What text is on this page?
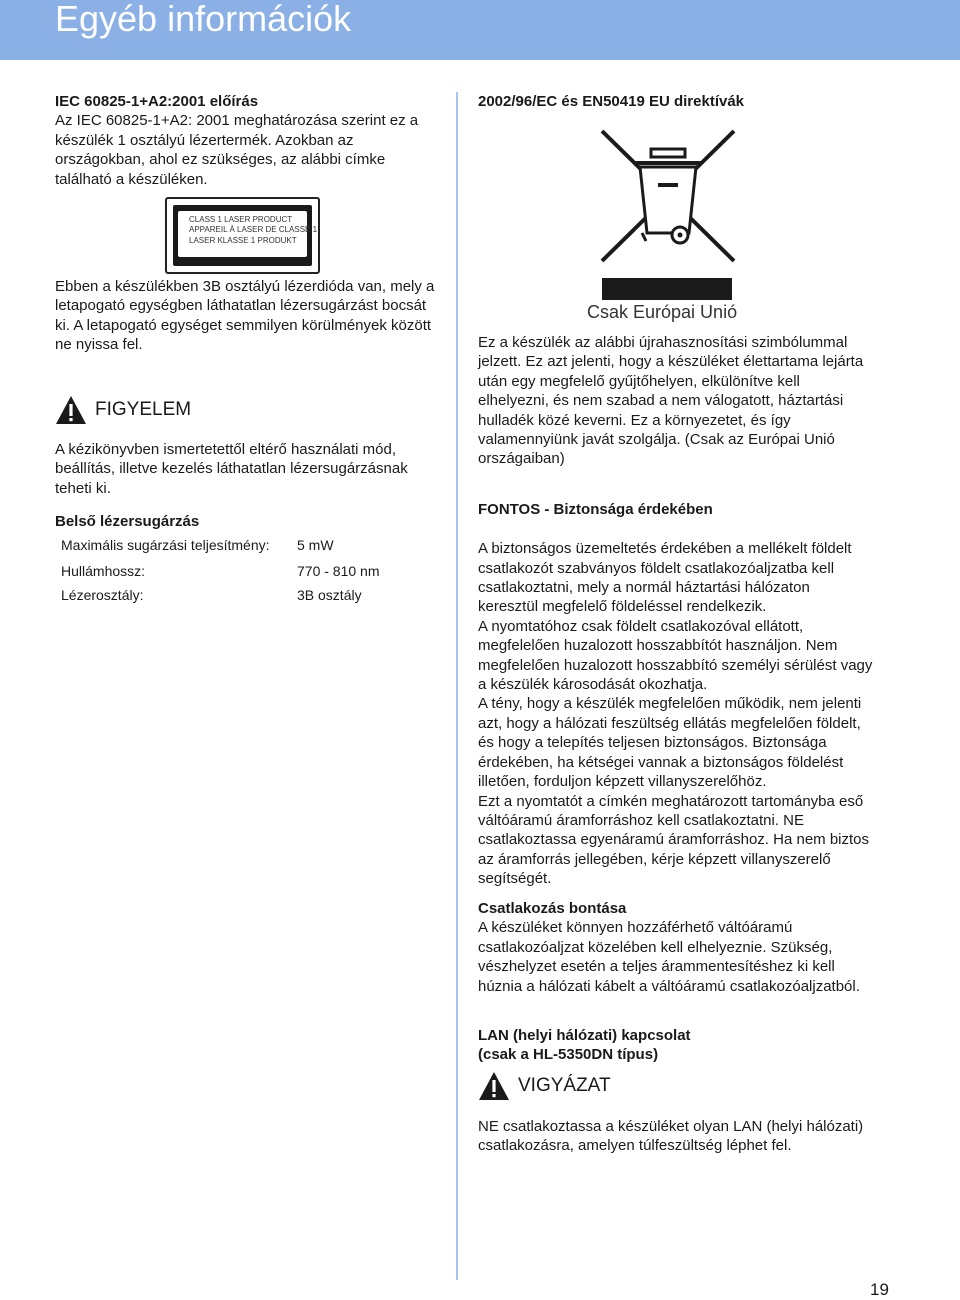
Egyéb információk

IEC 60825-1+A2:2001 előírás

Az IEC 60825-1+A2: 2001 meghatározása szerint ez a készülék 1 osztályú lézertermék. Azokban az országokban, ahol ez szükséges, az alábbi címke található a készüléken.

CLASS 1 LASER PRODUCT
APPAREIL À LASER DE CLASSE 1
LASER KLASSE 1 PRODUKT

Ebben a készülékben 3B osztályú lézerdióda van, mely a letapogató egységben láthatatlan lézersugárzást bocsát ki. A letapogató egységet semmilyen körülmények között ne nyissa fel.

FIGYELEM

A kézikönyvben ismertetettől eltérő használati mód, beállítás, illetve kezelés láthatatlan lézersugárzásnak teheti ki.

Belső lézersugárzás

Maximális sugárzási teljesítmény: 5 mW
Hullámhossz:	770 - 810 nm
Lézerosztály:	3B osztály

2002/96/EC és EN50419 EU direktívák

Csak Európai Unió

Ez a készülék az alábbi újrahasznosítási szimbólummal jelzett. Ez azt jelenti, hogy a készüléket élettartama lejárta után egy megfelelő gyűjtőhelyen, elkülönítve kell elhelyezni, és nem szabad a nem válogatott, háztartási hulladék közé keverni. Ez a környezetet, és így valamennyiünk javát szolgálja. (Csak az Európai Unió országaiban)

FONTOS - Biztonsága érdekében

A biztonságos üzemeltetés érdekében a mellékelt földelt csatlakozót szabványos földelt csatlakozóaljzatba kell csatlakoztatni, mely a normál háztartási hálózaton keresztül megfelelő földeléssel rendelkezik.
A nyomtatóhoz csak földelt csatlakozóval ellátott, megfelelően huzalozott hosszabbítót használjon. Nem megfelelően huzalozott hosszabbító személyi sérülést vagy a készülék károsodását okozhatja.
A tény, hogy a készülék megfelelően működik, nem jelenti azt, hogy a hálózati feszültség ellátás megfelelően földelt, és hogy a telepítés teljesen biztonságos. Biztonsága érdekében, ha kétségei vannak a biztonságos földelést illetően, forduljon képzett villanyszerelőhöz.
Ezt a nyomtatót a címkén meghatározott tartományba eső váltóáramú áramforráshoz kell csatlakoztatni. NE csatlakoztassa egyenáramú áramforráshoz. Ha nem biztos az áramforrás jellegében, kérje képzett villanyszerelő segítségét.

Csatlakozás bontása

A készüléket könnyen hozzáférhető váltóáramú csatlakozóaljzat közelében kell elhelyeznie. Szükség, vészhelyzet esetén a teljes árammentesítéshez ki kell húznia a hálózati kábelt a váltóáramú csatlakozóaljzatból.

LAN (helyi hálózati) kapcsolat

(csak a HL-5350DN típus)

VIGYÁZAT

NE csatlakoztassa a készüléket olyan LAN (helyi hálózati) csatlakozásra, amelyen túlfeszültség léphet fel.

19
